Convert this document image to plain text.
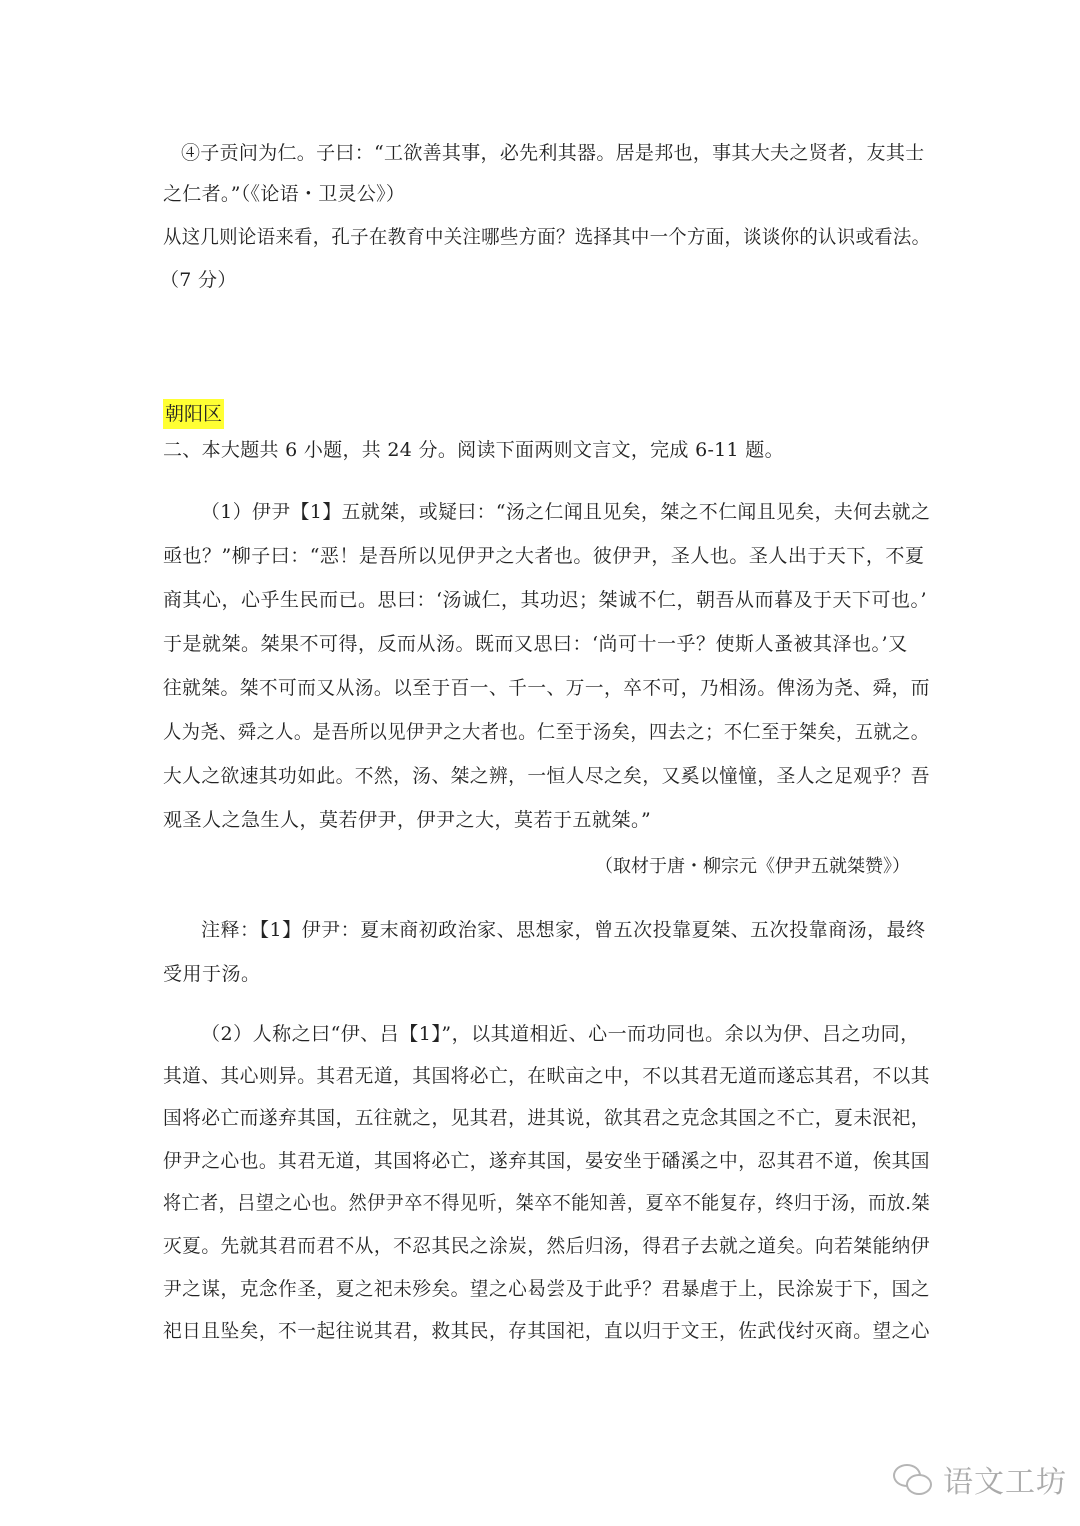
④子贡问为仁。子曰：“工欲善其事，必先利其器。居是邦也，事其大夫之贤者，友其士
之仁者。”（《论语・卫灵公》）
从这几则论语来看，孔子在教育中关注哪些方面？选择其中一个方面，谈谈你的认识或看法。
（7 分）
朝阳区
二、本大题共 6 小题，共 24 分。阅读下面两则文言文，完成 6-11 题。
（1）伊尹【1】五就桀，或疑曰：“汤之仁闻且见矣，桀之不仁闻且见矣，夫何去就之
亟也？”柳子曰：“恶！是吾所以见伊尹之大者也。彼伊尹，圣人也。圣人出于天下，不夏
商其心，心乎生民而已。思曰：‘汤诚仁，其功迟；桀诚不仁，朝吾从而暮及于天下可也。’
于是就桀。桀果不可得，反而从汤。既而又思曰：‘尚可十一乎？使斯人蚤被其泽也。’又
往就桀。桀不可而又从汤。以至于百一、千一、万一，卒不可，乃相汤。俾汤为尧、舜，而
人为尧、舜之人。是吾所以见伊尹之大者也。仁至于汤矣，四去之；不仁至于桀矣，五就之。
大人之欲速其功如此。不然，汤、桀之辨，一恒人尽之矣，又奚以憧憧，圣人之足观乎？吾
观圣人之急生人，莫若伊尹，伊尹之大，莫若于五就桀。”
（取材于唐・柳宗元《伊尹五就桀赞》）
注释：【1】伊尹：夏末商初政治家、思想家，曾五次投靠夏桀、五次投靠商汤，最终
受用于汤。
（2）人称之曰“伊、吕【1】”，以其道相近、心一而功同也。余以为伊、吕之功同，
其道、其心则异。其君无道，其国将必亡，在畎亩之中，不以其君无道而遂忘其君，不以其
国将必亡而遂弃其国，五往就之，见其君，进其说，欲其君之克念其国之不亡，夏未泯祀，
伊尹之心也。其君无道，其国将必亡，遂弃其国，晏安坐于磻溪之中，忍其君不道，俟其国
将亡者，吕望之心也。然伊尹卒不得见听，桀卒不能知善，夏卒不能复存，终归于汤，而放.桀
灭夏。先就其君而君不从，不忍其民之涂炭，然后归汤，得君子去就之道矣。向若桀能纳伊
尹之谋，克念作圣，夏之祀未殄矣。望之心曷尝及于此乎？君暴虐于上，民涂炭于下，国之
祀日且坠矣，不一起往说其君，救其民，存其国祀，直以归于文王，佐武伐纣灭商。望之心
语文工坊
